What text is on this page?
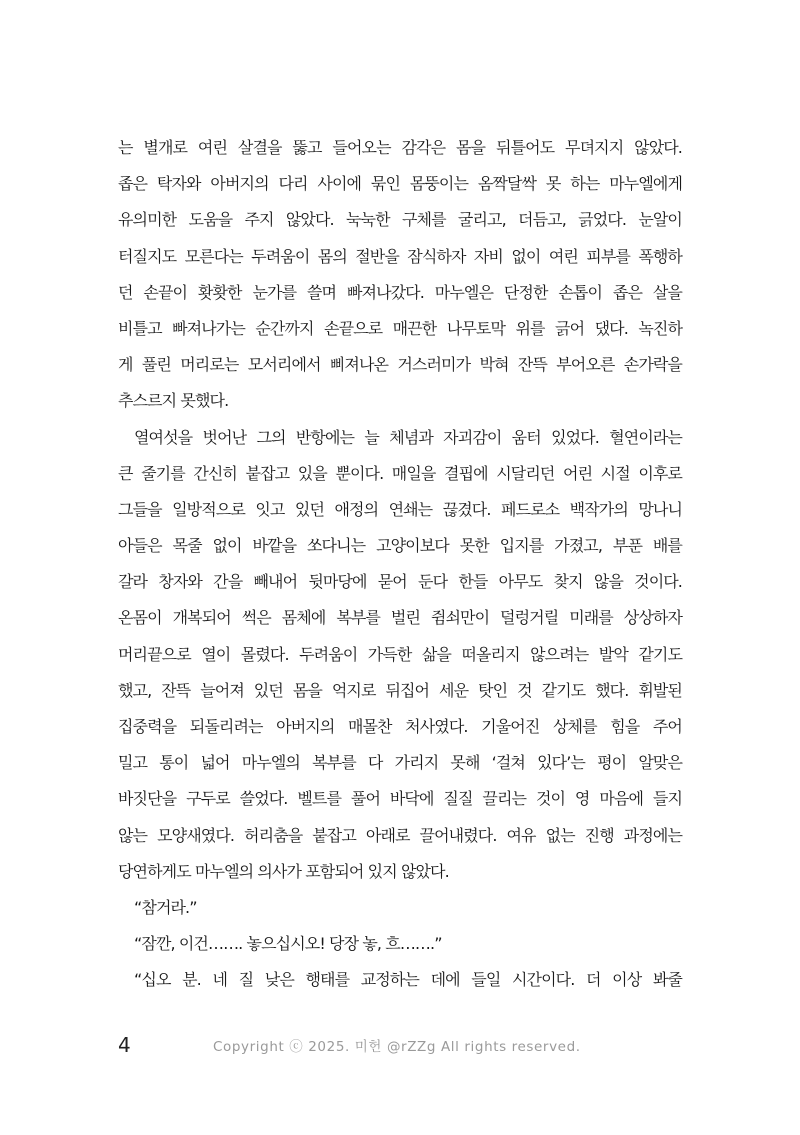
는 별개로 여린 살결을 뚫고 들어오는 감각은 몸을 뒤틀어도 무뎌지지 않았다.
좁은 탁자와 아버지의 다리 사이에 묶인 몸뚱이는 옴짝달싹 못 하는 마누엘에게
유의미한 도움을 주지 않았다. 눅눅한 구체를 굴리고, 더듬고, 긁었다. 눈알이
터질지도 모른다는 두려움이 몸의 절반을 잠식하자 자비 없이 여린 피부를 폭행하
던 손끝이 홧홧한 눈가를 쓸며 빠져나갔다. 마누엘은 단정한 손톱이 좁은 살을
비틀고 빠져나가는 순간까지 손끝으로 매끈한 나무토막 위를 긁어 댔다. 녹진하
게 풀린 머리로는 모서리에서 삐져나온 거스러미가 박혀 잔뜩 부어오른 손가락을
추스르지 못했다.
열여섯을 벗어난 그의 반항에는 늘 체념과 자괴감이 움터 있었다. 혈연이라는
큰 줄기를 간신히 붙잡고 있을 뿐이다. 매일을 결핍에 시달리던 어린 시절 이후로
그들을 일방적으로 잇고 있던 애정의 연쇄는 끊겼다. 페드로소 백작가의 망나니
아들은 목줄 없이 바깥을 쏘다니는 고양이보다 못한 입지를 가졌고, 부푼 배를
갈라 창자와 간을 빼내어 뒷마당에 묻어 둔다 한들 아무도 찾지 않을 것이다.
온몸이 개복되어 썩은 몸체에 복부를 벌린 쥠쇠만이 덜렁거릴 미래를 상상하자
머리끝으로 열이 몰렸다. 두려움이 가득한 삶을 떠올리지 않으려는 발악 같기도
했고, 잔뜩 늘어져 있던 몸을 억지로 뒤집어 세운 탓인 것 같기도 했다. 휘발된
집중력을 되돌리려는 아버지의 매몰찬 처사였다. 기울어진 상체를 힘을 주어
밀고 통이 넓어 마누엘의 복부를 다 가리지 못해 ‘걸쳐 있다’는 평이 알맞은
바짓단을 구두로 쓸었다. 벨트를 풀어 바닥에 질질 끌리는 것이 영 마음에 들지
않는 모양새였다. 허리춤을 붙잡고 아래로 끌어내렸다. 여유 없는 진행 과정에는
당연하게도 마누엘의 의사가 포함되어 있지 않았다.
“참거라.”
“잠깐, 이건……. 놓으십시오! 당장 놓, 흐…….”
“십오 분. 네 질 낮은 행태를 교정하는 데에 들일 시간이다. 더 이상 봐줄
4	Copyright ⓒ 2025. 미헌 @rZZg All rights reserved.
